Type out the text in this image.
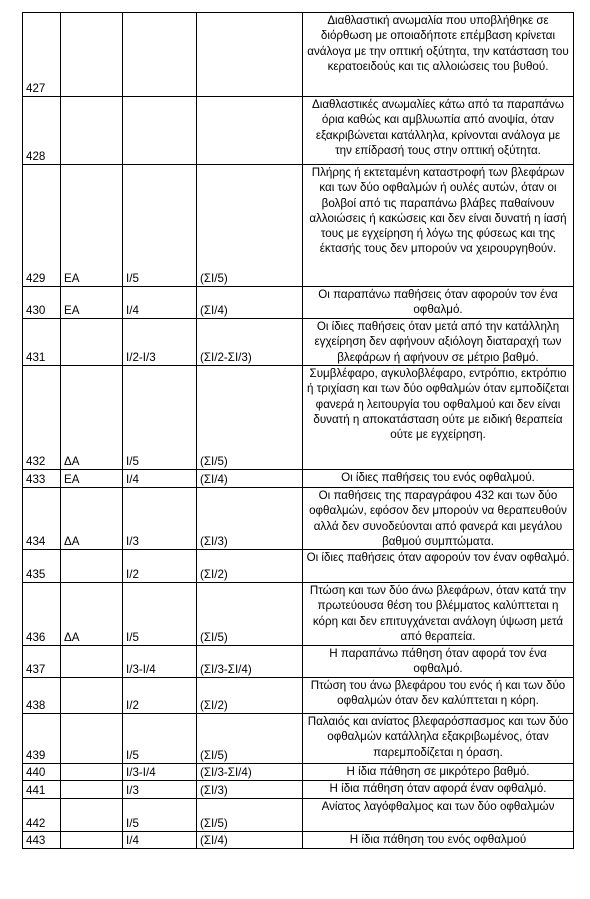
427				Διαθλαστική ανωμαλία που υποβλήθηκε σε διόρθωση με οποιαδήποτε επέμβαση κρίνεται ανάλογα με την οπτική οξύτητα, την κατάσταση του κερατοειδούς και τις αλλοιώσεις του βυθού.
428				Διαθλαστικές ανωμαλίες κάτω από τα παραπάνω όρια καθώς και αμβλυωπία από ανοψία, όταν εξακριβώνεται κατάλληλα, κρίνονται ανάλογα με την επίδρασή τους στην οπτική οξύτητα.
429	ΕΑ	Ι/5	(ΣΙ/5)	Πλήρης ή εκτεταμένη καταστροφή των βλεφάρων και των δύο οφθαλμών ή ουλές αυτών, όταν οι βολβοί από τις παραπάνω βλάβες παθαίνουν αλλοιώσεις ή κακώσεις και δεν είναι δυνατή η ίασή τους με εγχείρηση ή λόγω της φύσεως και της έκτασής τους δεν μπορούν να χειρουργηθούν.
430	ΕΑ	Ι/4	(ΣΙ/4)	Οι παραπάνω παθήσεις όταν αφορούν τον ένα οφθαλμό.
431		Ι/2-Ι/3	(ΣΙ/2-ΣΙ/3)	Οι ίδιες παθήσεις όταν μετά από την κατάλληλη εγχείρηση δεν αφήνουν αξιόλογη διαταραχή των βλεφάρων ή αφήνουν σε μέτριο βαθμό.
432	ΔΑ	Ι/5	(ΣΙ/5)	Συμβλέφαρο, αγκυλοβλέφαρο, εντρόπιο, εκτρόπιο ή τριχίαση και των δύο οφθαλμών όταν εμποδίζεται φανερά η λειτουργία του οφθαλμού και δεν είναι δυνατή η αποκατάσταση ούτε με ειδική θεραπεία ούτε με εγχείρηση.
433	ΕΑ	Ι/4	(ΣΙ/4)	Οι ίδιες παθήσεις του ενός οφθαλμού.
434	ΔΑ	Ι/3	(ΣΙ/3)	Οι παθήσεις της παραγράφου 432 και των δύο οφθαλμών, εφόσον δεν μπορούν να θεραπευθούν αλλά δεν συνοδεύονται από φανερά και μεγάλου βαθμού συμπτώματα.
435		Ι/2	(ΣΙ/2)	Οι ίδιες παθήσεις όταν αφορούν τον έναν οφθαλμό.
436	ΔΑ	Ι/5	(ΣΙ/5)	Πτώση και των δύο άνω βλεφάρων, όταν κατά την πρωτεύουσα θέση του βλέμματος καλύπτεται η κόρη και δεν επιτυγχάνεται ανάλογη ύψωση μετά από θεραπεία.
437		Ι/3-Ι/4	(ΣΙ/3-ΣΙ/4)	Η παραπάνω πάθηση όταν αφορά τον ένα οφθαλμό.
438		Ι/2	(ΣΙ/2)	Πτώση του άνω βλεφάρου του ενός ή και των δύο οφθαλμών όταν δεν καλύπτεται η κόρη.
439		Ι/5	(ΣΙ/5)	Παλαιός και ανίατος βλεφαρόσπασμος και των δύο οφθαλμών κατάλληλα εξακριβωμένος, όταν παρεμποδίζεται η όραση.
440		Ι/3-Ι/4	(ΣΙ/3-ΣΙ/4)	Η ίδια πάθηση σε μικρότερο βαθμό.
441		Ι/3	(ΣΙ/3)	Η ίδια πάθηση όταν αφορά έναν οφθαλμό.
442		Ι/5	(ΣΙ/5)	Ανίατος λαγόφθαλμος και των δύο οφθαλμών
443		Ι/4	(ΣΙ/4)	Η ίδια πάθηση του ενός οφθαλμού
